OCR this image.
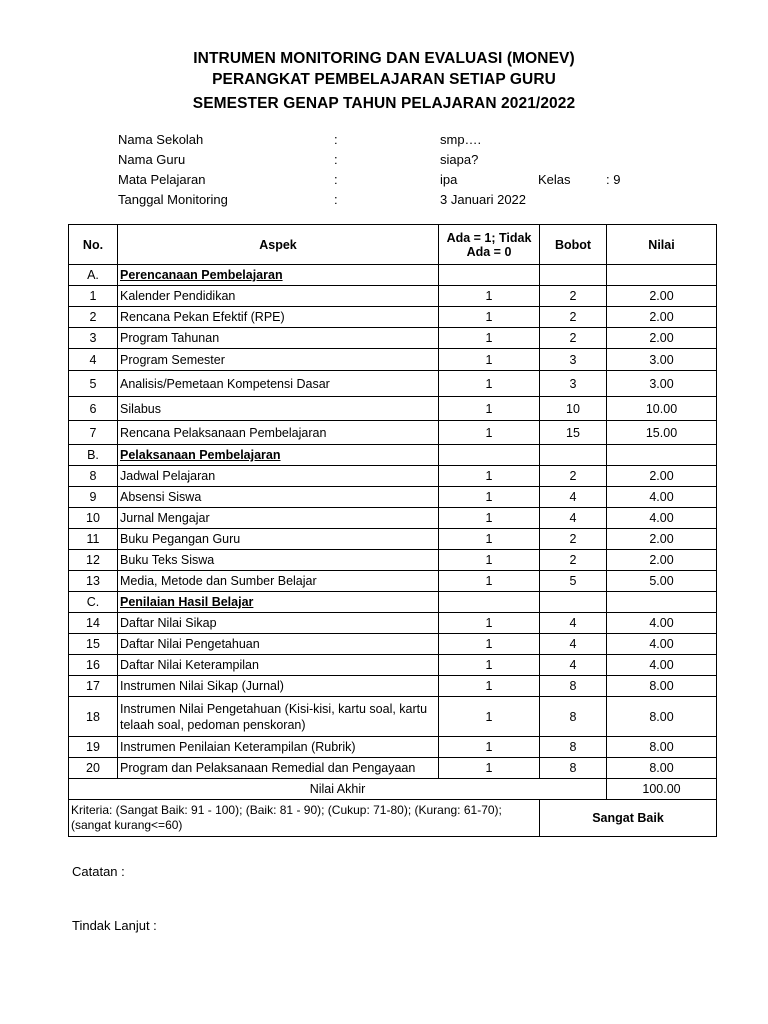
INTRUMEN MONITORING DAN EVALUASI (MONEV)
PERANGKAT PEMBELAJARAN SETIAP GURU
SEMESTER GENAP TAHUN PELAJARAN 2021/2022
Nama Sekolah	:	smp….
Nama Guru	:	siapa?
Mata Pelajaran	:	ipa	Kelas	: 9
Tanggal Monitoring	:	3 Januari 2022
No.	Aspek	Ada = 1; Tidak Ada = 0	Bobot	Nilai
A.	Perencanaan Pembelajaran			
1	Kalender Pendidikan	1	2	2.00
2	Rencana Pekan Efektif (RPE)	1	2	2.00
3	Program Tahunan	1	2	2.00
4	Program Semester	1	3	3.00
5	Analisis/Pemetaan Kompetensi Dasar	1	3	3.00
6	Silabus	1	10	10.00
7	Rencana Pelaksanaan Pembelajaran	1	15	15.00
B.	Pelaksanaan Pembelajaran			
8	Jadwal Pelajaran	1	2	2.00
9	Absensi Siswa	1	4	4.00
10	Jurnal Mengajar	1	4	4.00
11	Buku Pegangan Guru	1	2	2.00
12	Buku Teks Siswa	1	2	2.00
13	Media, Metode dan Sumber Belajar	1	5	5.00
C.	Penilaian Hasil Belajar			
14	Daftar Nilai Sikap	1	4	4.00
15	Daftar Nilai Pengetahuan	1	4	4.00
16	Daftar Nilai Keterampilan	1	4	4.00
17	Instrumen Nilai Sikap (Jurnal)	1	8	8.00
18	Instrumen Nilai Pengetahuan (Kisi-kisi, kartu soal, kartu telaah soal, pedoman penskoran)	1	8	8.00
19	Instrumen Penilaian Keterampilan (Rubrik)	1	8	8.00
20	Program dan Pelaksanaan Remedial dan Pengayaan	1	8	8.00
Nilai Akhir				100.00
Kriteria: (Sangat Baik: 91 - 100); (Baik: 81 - 90); (Cukup: 71-80); (Kurang: 61-70); (sangat kurang<=60)			Sangat Baik	
Catatan :
Tindak Lanjut :
